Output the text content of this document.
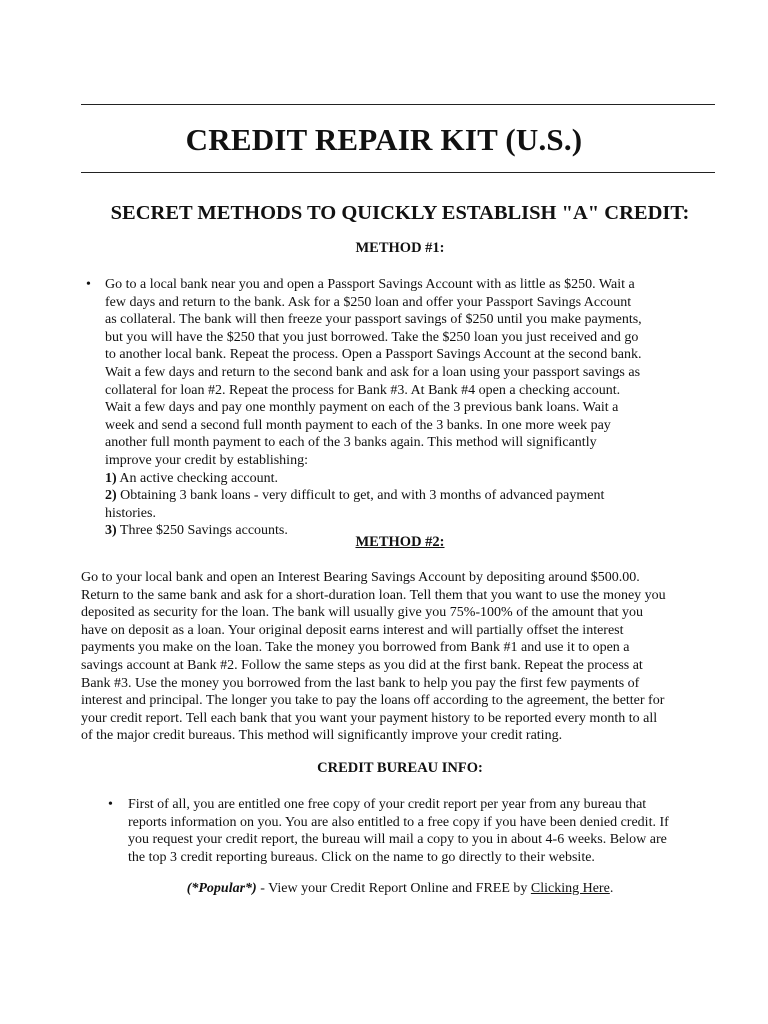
CREDIT REPAIR KIT (U.S.)
SECRET METHODS TO QUICKLY ESTABLISH "A" CREDIT:
METHOD #1:
• Go to a local bank near you and open a Passport Savings Account with as little as $250. Wait a
few days and return to the bank. Ask for a $250 loan and offer your Passport Savings Account
as collateral. The bank will then freeze your passport savings of $250 until you make payments,
but you will have the $250 that you just borrowed. Take the $250 loan you just received and go
to another local bank. Repeat the process. Open a Passport Savings Account at the second bank.
Wait a few days and return to the second bank and ask for a loan using your passport savings as
collateral for loan #2. Repeat the process for Bank #3. At Bank #4 open a checking account.
Wait a few days and pay one monthly payment on each of the 3 previous bank loans. Wait a
week and send a second full month payment to each of the 3 banks. In one more week pay
another full month payment to each of the 3 banks again. This method will significantly
improve your credit by establishing:
1) An active checking account.
2) Obtaining 3 bank loans - very difficult to get, and with 3 months of advanced payment
histories.
3) Three $250 Savings accounts.
METHOD #2:
Go to your local bank and open an Interest Bearing Savings Account by depositing around $500.00.
Return to the same bank and ask for a short-duration loan. Tell them that you want to use the money you
deposited as security for the loan. The bank will usually give you 75%-100% of the amount that you
have on deposit as a loan. Your original deposit earns interest and will partially offset the interest
payments you make on the loan. Take the money you borrowed from Bank #1 and use it to open a
savings account at Bank #2. Follow the same steps as you did at the first bank. Repeat the process at
Bank #3. Use the money you borrowed from the last bank to help you pay the first few payments of
interest and principal. The longer you take to pay the loans off according to the agreement, the better for
your credit report. Tell each bank that you want your payment history to be reported every month to all
of the major credit bureaus. This method will significantly improve your credit rating.
CREDIT BUREAU INFO:
• First of all, you are entitled one free copy of your credit report per year from any bureau that
reports information on you. You are also entitled to a free copy if you have been denied credit. If
you request your credit report, the bureau will mail a copy to you in about 4-6 weeks. Below are
the top 3 credit reporting bureaus. Click on the name to go directly to their website.
(*Popular*) - View your Credit Report Online and FREE by Clicking Here.
